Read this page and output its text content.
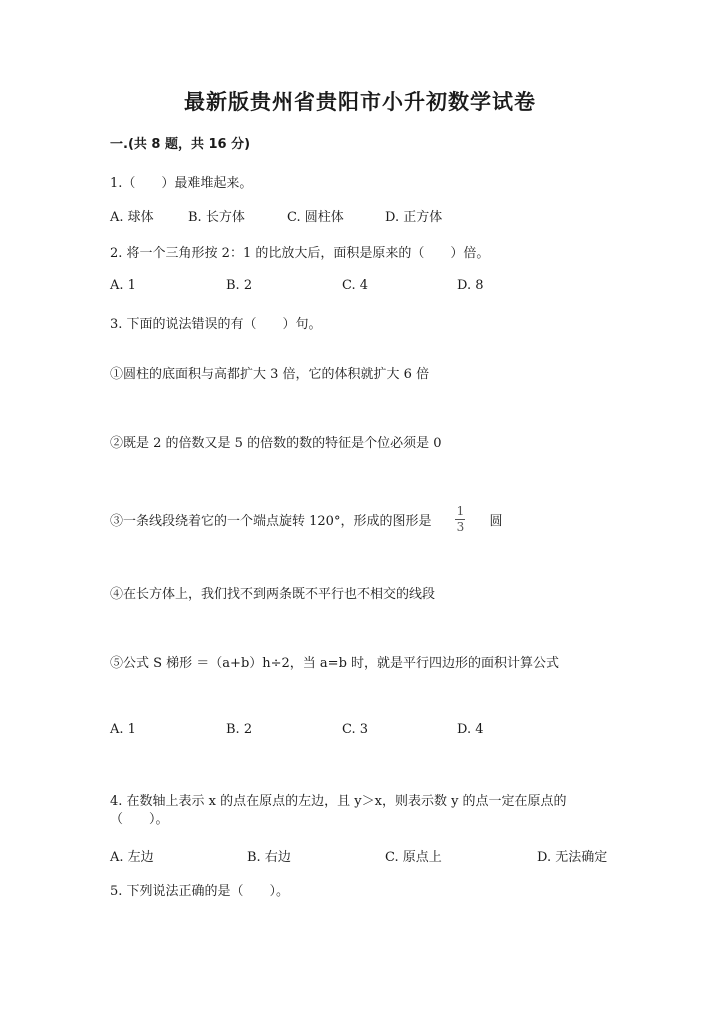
最新版贵州省贵阳市小升初数学试卷
一.(共 8 题，共 16 分)
1.（　　）最难堆起来。
A. 球体	B. 长方体	C. 圆柱体	D. 正方体
2. 将一个三角形按 2：1 的比放大后，面积是原来的（　　）倍。
A. 1	B. 2	C. 4	D. 8
3. 下面的说法错误的有（　　）句。
①圆柱的底面积与高都扩大 3 倍，它的体积就扩大 6 倍
②既是 2 的倍数又是 5 的倍数的数的特征是个位必须是 0
③一条线段绕着它的一个端点旋转 120°，形成的图形是 $\frac{1}{3}$ 圆
④在长方体上，我们找不到两条既不平行也不相交的线段
⑤公式 S 梯形 ＝（a+b）h÷2，当 a=b 时，就是平行四边形的面积计算公式
A. 1	B. 2	C. 3	D. 4
4. 在数轴上表示 x 的点在原点的左边，且 y＞x，则表示数 y 的点一定在原点的
（　　）。
A. 左边	B. 右边	C. 原点上	D. 无法确定
5. 下列说法正确的是（　　）。
